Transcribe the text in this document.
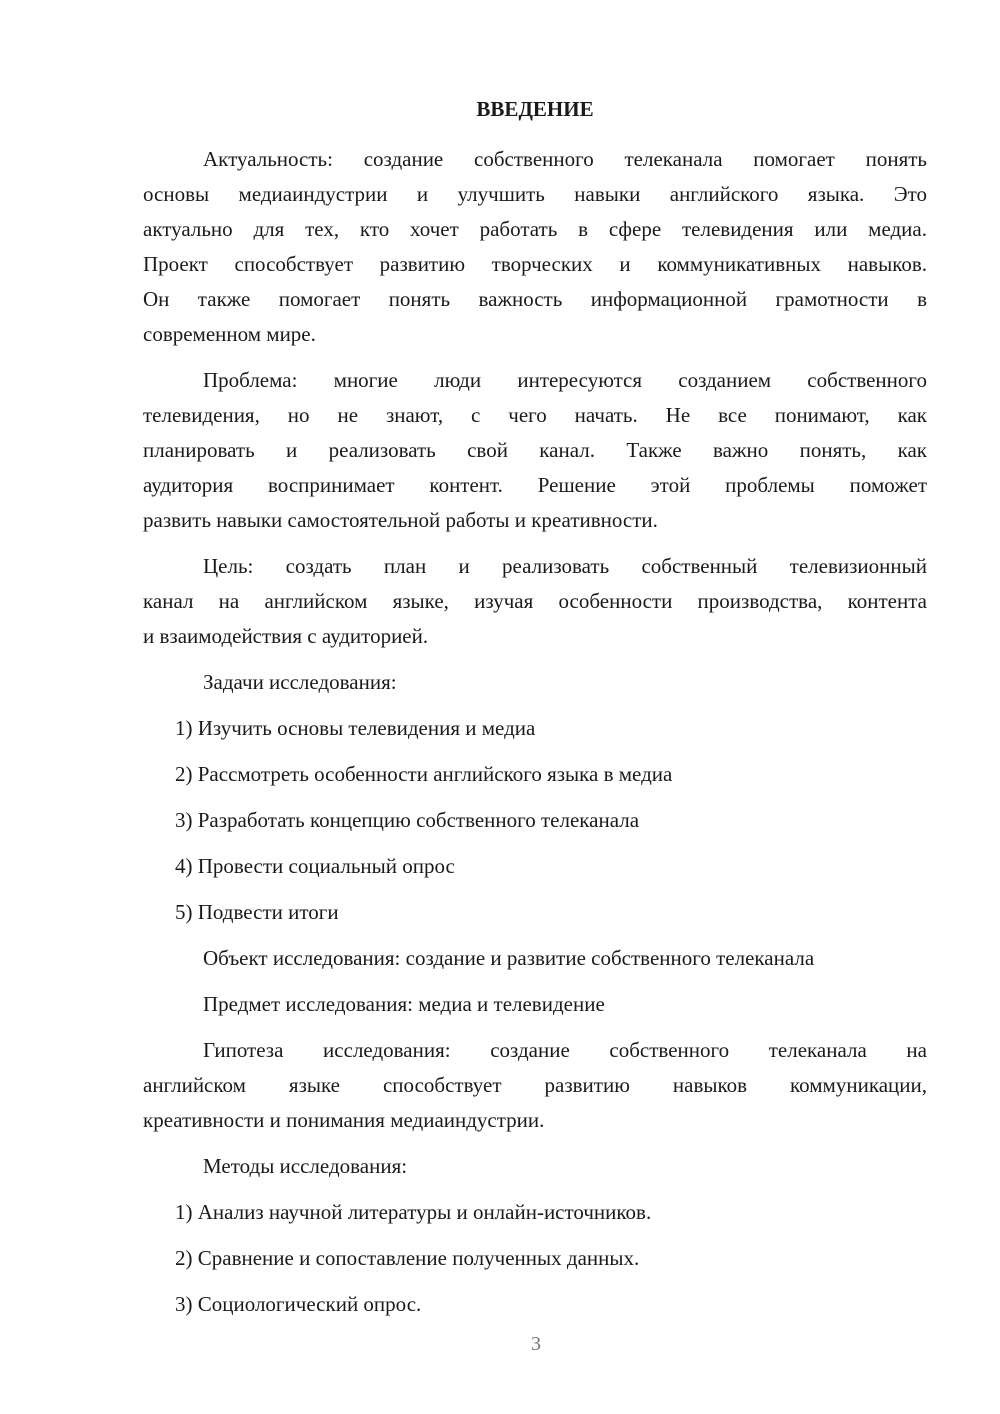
ВВЕДЕНИЕ
Актуальность: создание собственного телеканала помогает понять
основы медиаиндустрии и улучшить навыки английского языка. Это
актуально для тех, кто хочет работать в сфере телевидения или медиа.
Проект способствует развитию творческих и коммуникативных навыков.
Он также помогает понять важность информационной грамотности в
современном мире.
Проблема: многие люди интересуются созданием собственного
телевидения, но не знают, с чего начать. Не все понимают, как
планировать и реализовать свой канал. Также важно понять, как
аудитория воспринимает контент. Решение этой проблемы поможет
развить навыки самостоятельной работы и креативности.
Цель: создать план и реализовать собственный телевизионный
канал на английском языке, изучая особенности производства, контента
и взаимодействия с аудиторией.
Задачи исследования:
1) Изучить основы телевидения и медиа
2) Рассмотреть особенности английского языка в медиа
3) Разработать концепцию собственного телеканала
4) Провести социальный опрос
5) Подвести итоги
Объект исследования: создание и развитие собственного телеканала
Предмет исследования: медиа и телевидение
Гипотеза исследования: создание собственного телеканала на
английском языке способствует развитию навыков коммуникации,
креативности и понимания медиаиндустрии.
Методы исследования:
1) Анализ научной литературы и онлайн-источников.
2) Сравнение и сопоставление полученных данных.
3) Социологический опрос.
3
